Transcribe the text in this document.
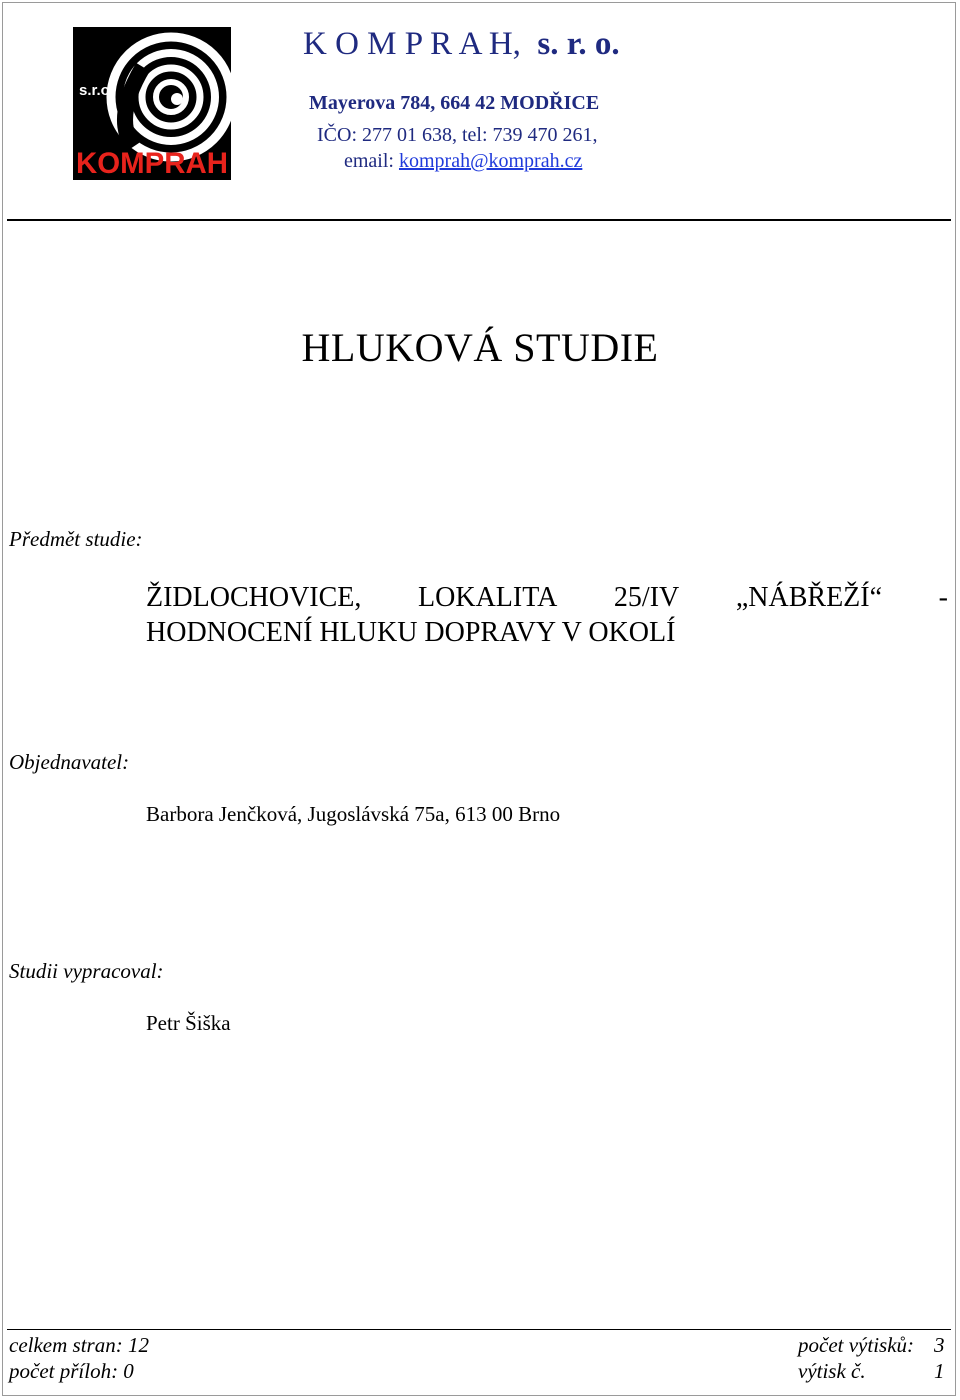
s.r.o.
KOMPRAH
K O M P R A H, s. r. o.
Mayerova 784, 664 42 MODŘICE
IČO: 277 01 638, tel: 739 470 261,
email: komprah@komprah.cz
HLUKOVÁ STUDIE
Předmět studie:
ŽIDLOCHOVICE, LOKALITA 25/IV „NÁBŘEŽÍ“ -
HODNOCENÍ HLUKU DOPRAVY V OKOLÍ
Objednavatel:
Barbora Jenčková, Jugoslávská 75a, 613 00 Brno
Studii vypracoval:
Petr Šiška
celkem stran: 12
počet příloh: 0
počet výtisků: 3
výtisk č.	1
